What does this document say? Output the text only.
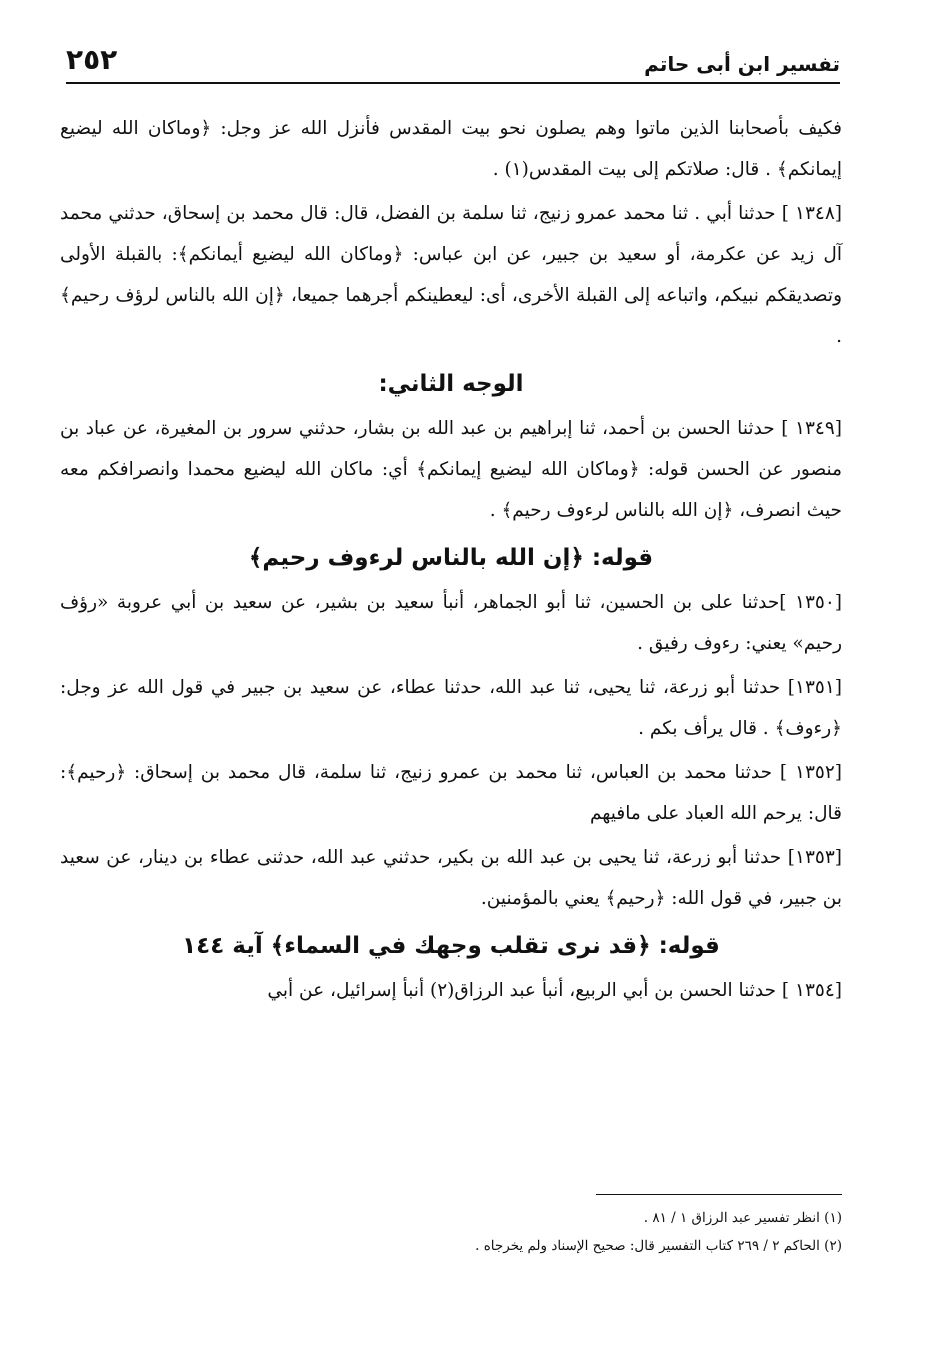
٢٥٢	تفسير ابن أبى حاتم

فكيف بأصحابنا الذين ماتوا وهم يصلون نحو بيت المقدس فأنزل الله عز وجل: ﴿وماكان الله ليضيع إيمانكم﴾ . قال: صلاتكم إلى بيت المقدس(١) .

[١٣٤٨ ] حدثنا أبي . ثنا محمد عمرو زنيج، ثنا سلمة بن الفضل، قال: قال محمد بن إسحاق، حدثني محمد آل زيد عن عكرمة، أو سعيد بن جبير، عن ابن عباس: ﴿وماكان الله ليضيع أيمانكم﴾: بالقبلة الأولى وتصديقكم نبيكم، واتباعه إلى القبلة الأخرى، أى: ليعطينكم أجرهما جميعا، ﴿إن الله بالناس لرؤف رحيم﴾ .

الوجه الثاني:

[١٣٤٩ ] حدثنا الحسن بن أحمد، ثنا إبراهيم بن عبد الله بن بشار، حدثني سرور بن المغيرة، عن عباد بن منصور عن الحسن قوله: ﴿وماكان الله ليضيع إيمانكم﴾ أي: ماكان الله ليضيع محمدا وانصرافكم معه حيث انصرف، ﴿إن الله بالناس لرءوف رحيم﴾ .

قوله: ﴿إن الله بالناس لرءوف رحيم﴾

[١٣٥٠ ]حدثنا على بن الحسين، ثنا أبو الجماهر، أنبأ سعيد بن بشير، عن سعيد بن أبي عروبة «رؤف رحيم» يعني: رءوف رفيق .

[١٣٥١] حدثنا أبو زرعة، ثنا يحيى، ثنا عبد الله، حدثنا عطاء، عن سعيد بن جبير في قول الله عز وجل: ﴿رءوف﴾ . قال يرأف بكم .

[١٣٥٢ ] حدثنا محمد بن العباس، ثنا محمد بن عمرو زنيج، ثنا سلمة، قال محمد بن إسحاق: ﴿رحيم﴾: قال: يرحم الله العباد على مافيهم

[١٣٥٣] حدثنا أبو زرعة، ثنا يحيى بن عبد الله بن بكير، حدثني عبد الله، حدثنى عطاء بن دينار، عن سعيد بن جبير، في قول الله: ﴿رحيم﴾ يعني بالمؤمنين.

قوله: ﴿قد نرى تقلب وجهك في السماء﴾ آية ١٤٤

[١٣٥٤ ] حدثنا الحسن بن أبي الربيع، أنبأ عبد الرزاق(٢) أنبأ إسرائيل، عن أبي

(١) انظر تفسير عبد الرزاق ١ / ٨١ .

(٢) الحاكم ٢ / ٢٦٩ كتاب التفسير قال: صحيح الإسناد ولم يخرجاه .
